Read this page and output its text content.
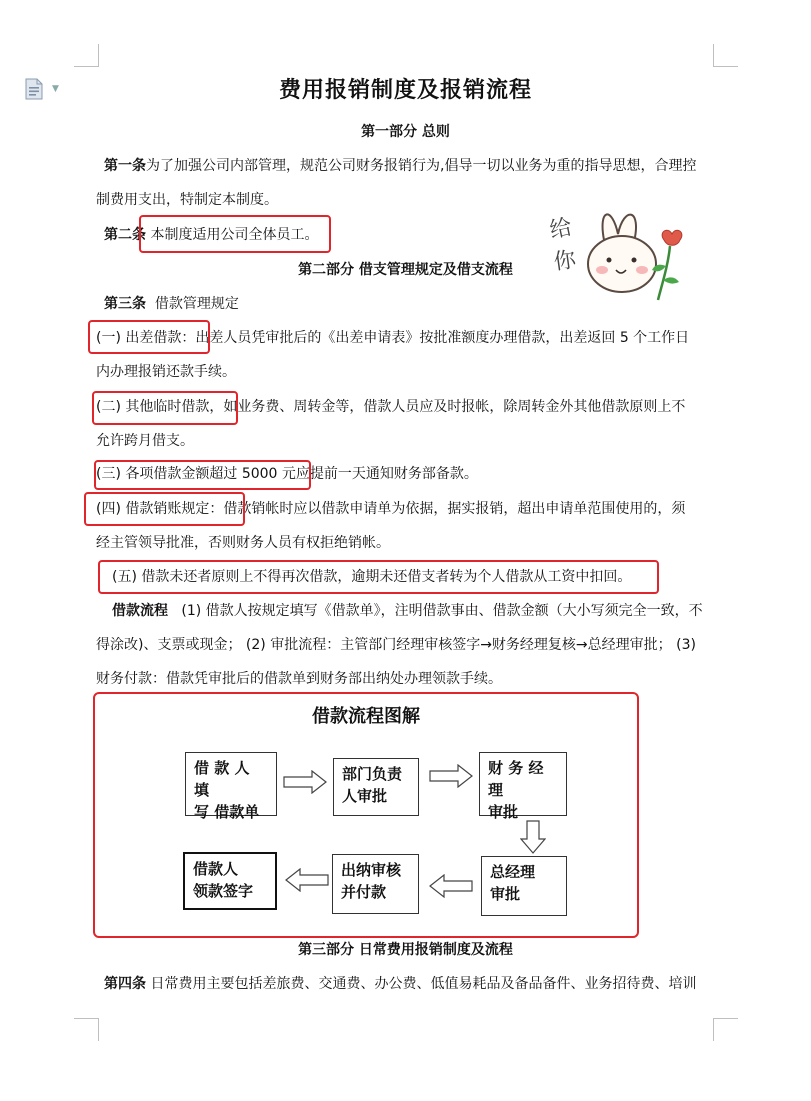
▼	费用报销制度及报销流程
第一部分 总则
第一条为了加强公司内部管理，规范公司财务报销行为,倡导一切以业务为重的指导思想，合理控
制费用支出，特制定本制度。
第二条 本制度适用公司全体员工。
第二部分 借支管理规定及借支流程
给
你
第三条 借款管理规定
(一) 出差借款：出差人员凭审批后的《出差申请表》按批准额度办理借款，出差返回 5 个工作日
内办理报销还款手续。
(二) 其他临时借款，如业务费、周转金等，借款人员应及时报帐，除周转金外其他借款原则上不
允许跨月借支。
(三) 各项借款金额超过 5000 元应提前一天通知财务部备款。
(四) 借款销账规定：借款销帐时应以借款申请单为依据，据实报销，超出申请单范围使用的，须
经主管领导批准，否则财务人员有权拒绝销帐。
(五) 借款未还者原则上不得再次借款，逾期未还借支者转为个人借款从工资中扣回。
借款流程 (1) 借款人按规定填写《借款单》，注明借款事由、借款金额（大小写须完全一致，不
得涂改)、支票或现金； (2) 审批流程：主管部门经理审核签字→财务经理复核→总经理审批； (3)
财务付款：借款凭审批后的借款单到财务部出纳处办理领款手续。
借款流程图解
借 款 人 填
写 借款单
部门负责
人审批
财 务 经 理
审批
总经理
审批
出纳审核
并付款
借款人
领款签字
第三部分 日常费用报销制度及流程
第四条 日常费用主要包括差旅费、交通费、办公费、低值易耗品及备品备件、业务招待费、培训
